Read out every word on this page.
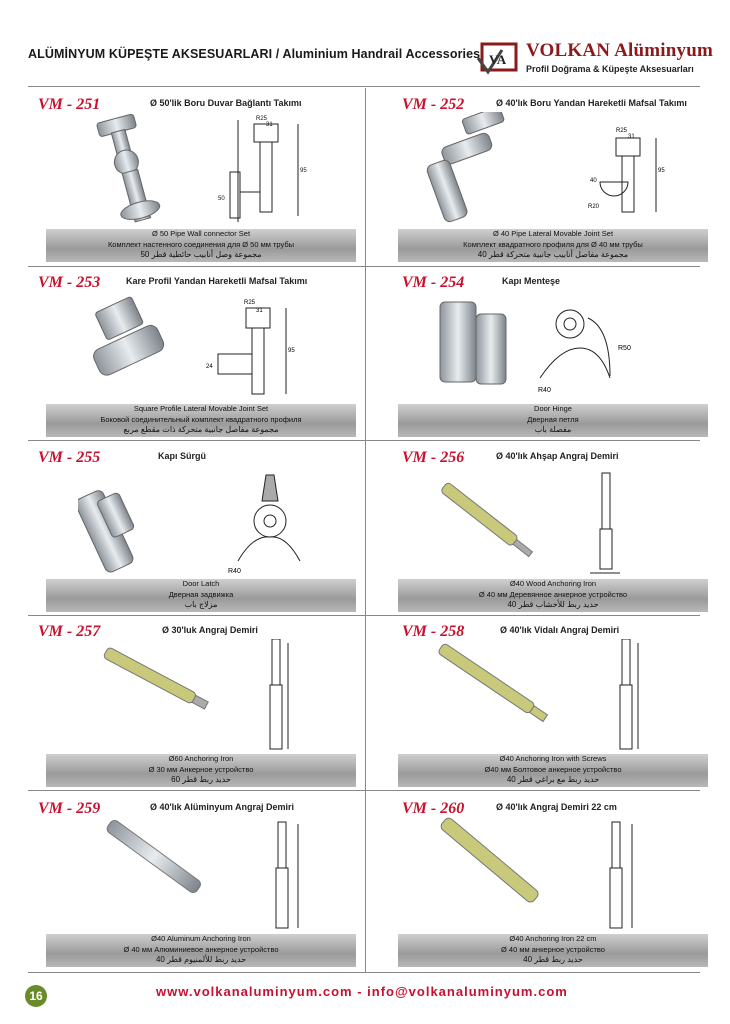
ALÜMİNYUM KÜPEŞTE AKSESUARLARI / Aluminium Handrail Accessories VA VOLKAN Alüminyum
Profil Doğrama & Küpeşte Aksesuarları
VM - 251	Ø 50'lik Boru Duvar Bağlantı Takımı
R25
31
95
50
Ø 50 Pipe Wall connector Set
Комплект настенного соединения для Ø 50 мм трубы
مجموعة وصل أنابيب حائطية قطر 50
VM - 252	Ø 40'lık Boru Yandan Hareketli Mafsal Takımı
R25
31
95
R20
40
Ø 40 Pipe Lateral Movable Joint Set
Комплект квадратного профиля для Ø 40 мм трубы
مجموعة مفاصل أنابيب جانبية متحركة قطر 40
VM - 253	Kare Profil Yandan Hareketli Mafsal Takımı
R25
31
95
24
Square Profile Lateral Movable Joint Set
Боковой соединительный комплект квадратного профиля
مجموعة مفاصل جانبية متحركة ذات مقطع مربع
VM - 254	Kapı Menteşe
R50
R40
Door Hinge
Дверная петля
مفصلة باب
VM - 255	Kapı Sürgü
R40
Door Latch
Дверная задвижка
مزلاج باب
VM - 256	Ø 40'lık Ahşap Angraj Demiri
Ø40 Wood Anchoring Iron
Ø 40 мм Деревянное анкерное устройство
حديد ربط للأخشاب قطر 40
VM - 257	Ø 30'luk Angraj Demiri
Ø60 Anchoring Iron
Ø 30 мм Анкерное устройство
حديد ربط قطر 60
VM - 258	Ø 40'lık Vidalı Angraj Demiri
Ø40 Anchoring Iron with Screws
Ø40 мм Болтовое анкерное устройство
حديد ربط مع براغي قطر 40
VM - 259	Ø 40'lık Alüminyum Angraj Demiri
Ø40 Aluminum Anchoring Iron
Ø 40 мм Алюминиевое анкерное устройство
حديد ربط للألمنيوم قطر 40
VM - 260	Ø 40'lık Angraj Demiri 22 cm
Ø40 Anchoring Iron 22 cm
Ø 40 мм анкерное устройство
حديد ربط قطر 40
16	www.volkanaluminyum.com - info@volkanaluminyum.com
